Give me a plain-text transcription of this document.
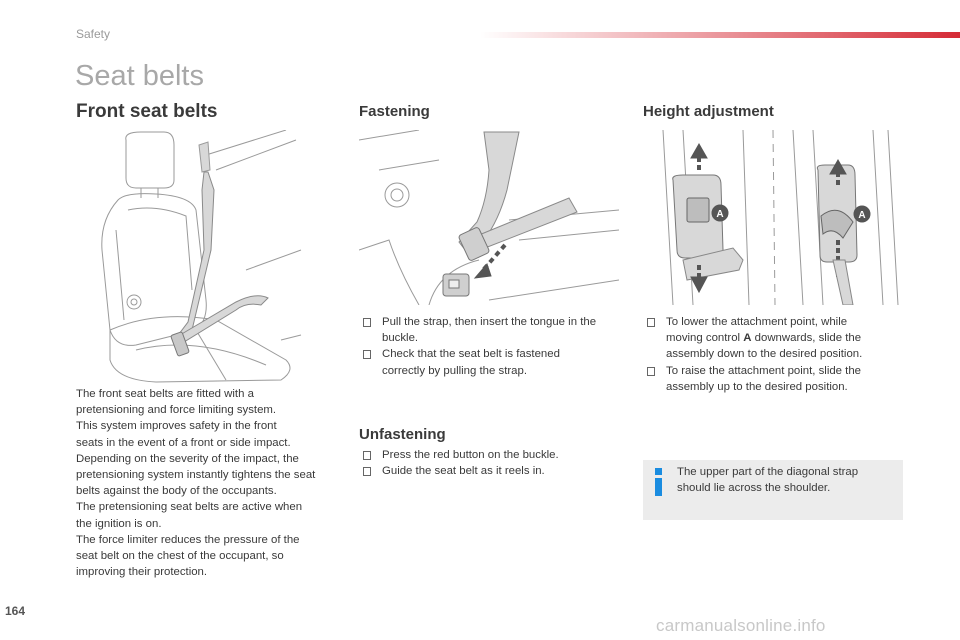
Safety
Seat belts
Front seat belts
The front seat belts are fitted with a
pretensioning and force limiting system.
This system improves safety in the front
seats in the event of a front or side impact.
Depending on the severity of the impact, the
pretensioning system instantly tightens the seat
belts against the body of the occupants.
The pretensioning seat belts are active when
the ignition is on.
The force limiter reduces the pressure of the
seat belt on the chest of the occupant, so
improving their protection.
Fastening
Pull the strap, then insert the tongue in the
buckle.
Check that the seat belt is fastened
correctly by pulling the strap.
Unfastening
Press the red button on the buckle.
Guide the seat belt as it reels in.
Height adjustment
A	A
To lower the attachment point, while
moving control A downwards, slide the
assembly down to the desired position.
To raise the attachment point, slide the
assembly up to the desired position.
The upper part of the diagonal strap
should lie across the shoulder.
164
carmanualsonline.info
